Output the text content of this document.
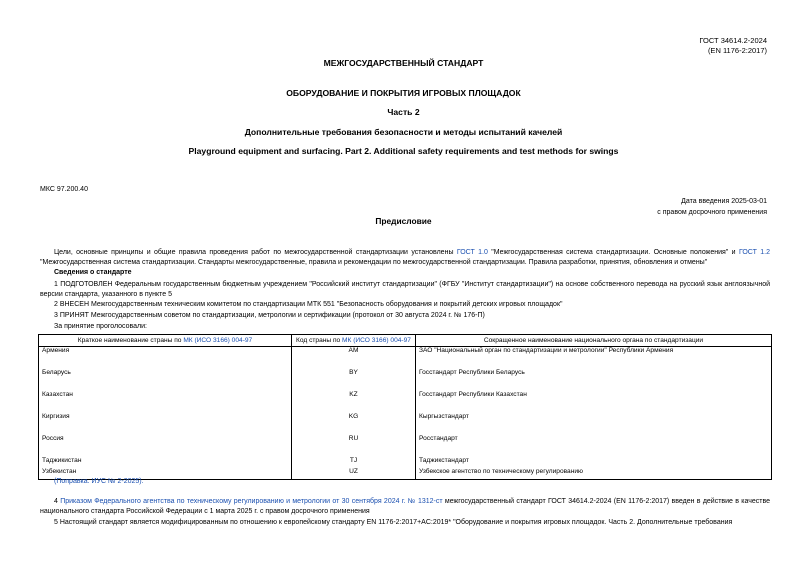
ГОСТ 34614.2-2024
(EN 1176-2:2017)
МЕЖГОСУДАРСТВЕННЫЙ СТАНДАРТ
ОБОРУДОВАНИЕ И ПОКРЫТИЯ ИГРОВЫХ ПЛОЩАДОК
Часть 2
Дополнительные требования безопасности и методы испытаний качелей
Playground equipment and surfacing. Part 2. Additional safety requirements and test methods for swings
МКС 97.200.40
Дата введения 2025-03-01
с правом досрочного применения
Предисловие
Цели, основные принципы и общие правила проведения работ по межгосударственной стандартизации установлены ГОСТ 1.0 "Межгосударственная система стандартизации. Основные положения" и ГОСТ 1.2 "Межгосударственная система стандартизации. Стандарты межгосударственные, правила и рекомендации по межгосударственной стандартизации. Правила разработки, принятия, обновления и отмены"
Сведения о стандарте
1 ПОДГОТОВЛЕН Федеральным государственным бюджетным учреждением "Российский институт стандартизации" (ФГБУ "Институт стандартизации") на основе собственного перевода на русский язык англоязычной версии стандарта, указанного в пункте 5
2 ВНЕСЕН Межгосударственным техническим комитетом по стандартизации МТК 551 "Безопасность оборудования и покрытий детских игровых площадок"
3 ПРИНЯТ Межгосударственным советом по стандартизации, метрологии и сертификации (протокол от 30 августа 2024 г. № 176-П)
За принятие проголосовали:
Краткое наименование страны по МК (ИСО 3166) 004-97	Код страны по МК (ИСО 3166) 004-97	Сокращенное наименование национального органа по стандартизации
Армения	AM	ЗАО "Национальный орган по стандартизации и метрологии" Республики Армения
Беларусь	BY	Госстандарт Республики Беларусь
Казахстан	KZ	Госстандарт Республики Казахстан
Киргизия	KG	Кыргызстандарт
Россия	RU	Росстандарт
Таджикистан	TJ	Таджикстандарт
Узбекистан	UZ	Узбекское агентство по техническому регулированию
(Поправка. ИУС № 2-2025).
4 Приказом Федерального агентства по техническому регулированию и метрологии от 30 сентября 2024 г. № 1312-ст межгосударственный стандарт ГОСТ 34614.2-2024 (EN 1176-2:2017) введен в действие в качестве национального стандарта Российской Федерации с 1 марта 2025 г. с правом досрочного применения
5 Настоящий стандарт является модифицированным по отношению к европейскому стандарту EN 1176-2:2017+AC:2019* "Оборудование и покрытия игровых площадок. Часть 2. Дополнительные требования
